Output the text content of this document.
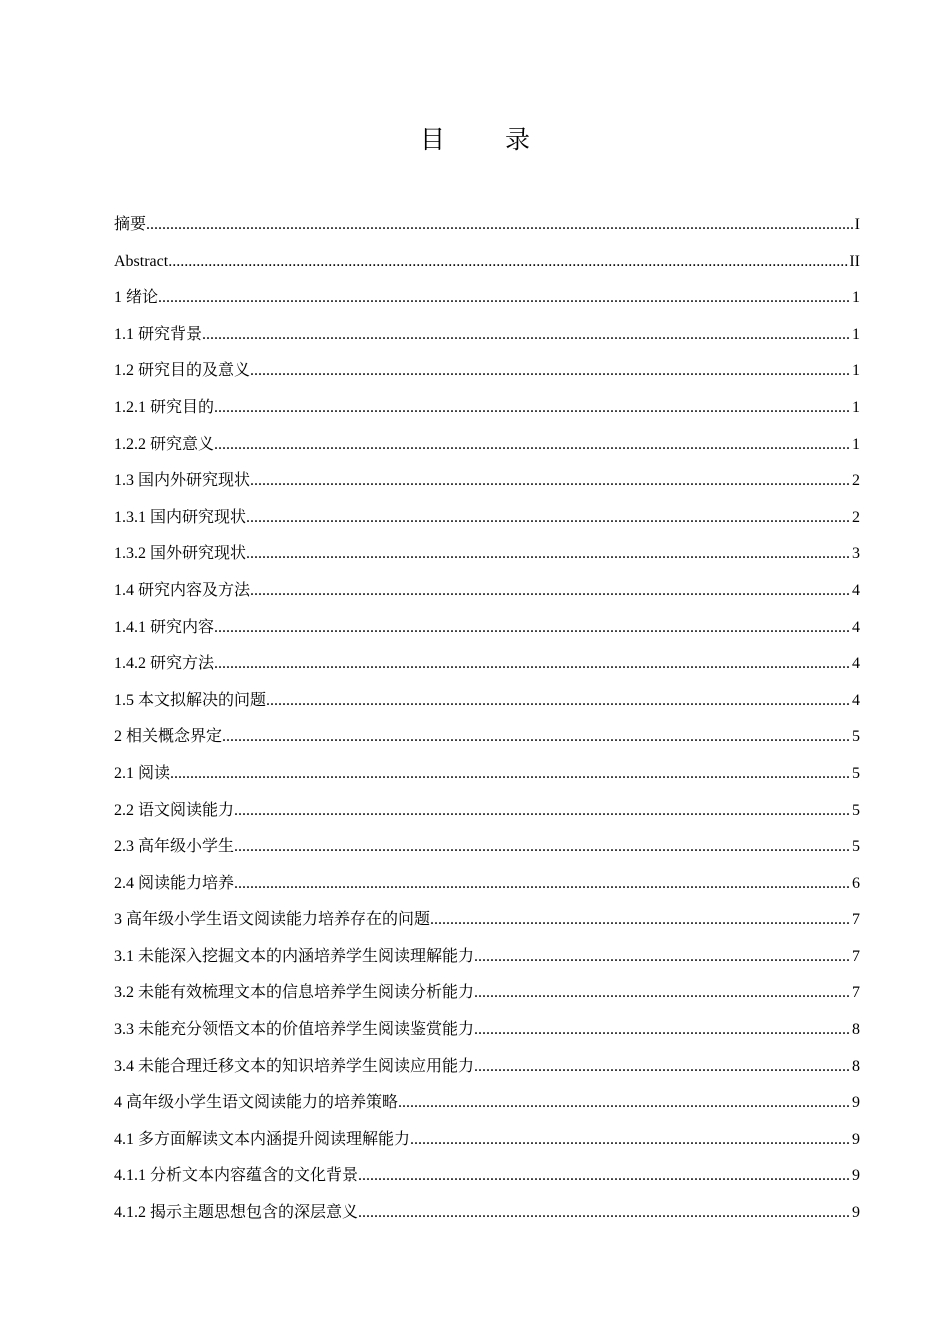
目 录
摘要 .....	I
Abstract .....	II
1 绪论 .....	1
1.1 研究背景 .....	1
1.2 研究目的及意义 .....	1
1.2.1 研究目的 .....	1
1.2.2 研究意义 .....	1
1.3 国内外研究现状 .....	2
1.3.1 国内研究现状 .....	2
1.3.2 国外研究现状 .....	3
1.4 研究内容及方法 .....	4
1.4.1 研究内容 .....	4
1.4.2 研究方法 .....	4
1.5 本文拟解决的问题 .....	4
2 相关概念界定 .....	5
2.1 阅读 .....	5
2.2 语文阅读能力 .....	5
2.3 高年级小学生 .....	5
2.4 阅读能力培养 .....	6
3 高年级小学生语文阅读能力培养存在的问题 .....	7
3.1 未能深入挖掘文本的内涵培养学生阅读理解能力 .....	7
3.2 未能有效梳理文本的信息培养学生阅读分析能力 .....	7
3.3 未能充分领悟文本的价值培养学生阅读鉴赏能力 .....	8
3.4 未能合理迁移文本的知识培养学生阅读应用能力 .....	8
4 高年级小学生语文阅读能力的培养策略 .....	9
4.1 多方面解读文本内涵提升阅读理解能力 .....	9
4.1.1 分析文本内容蕴含的文化背景 .....	9
4.1.2 揭示主题思想包含的深层意义 .....	9
